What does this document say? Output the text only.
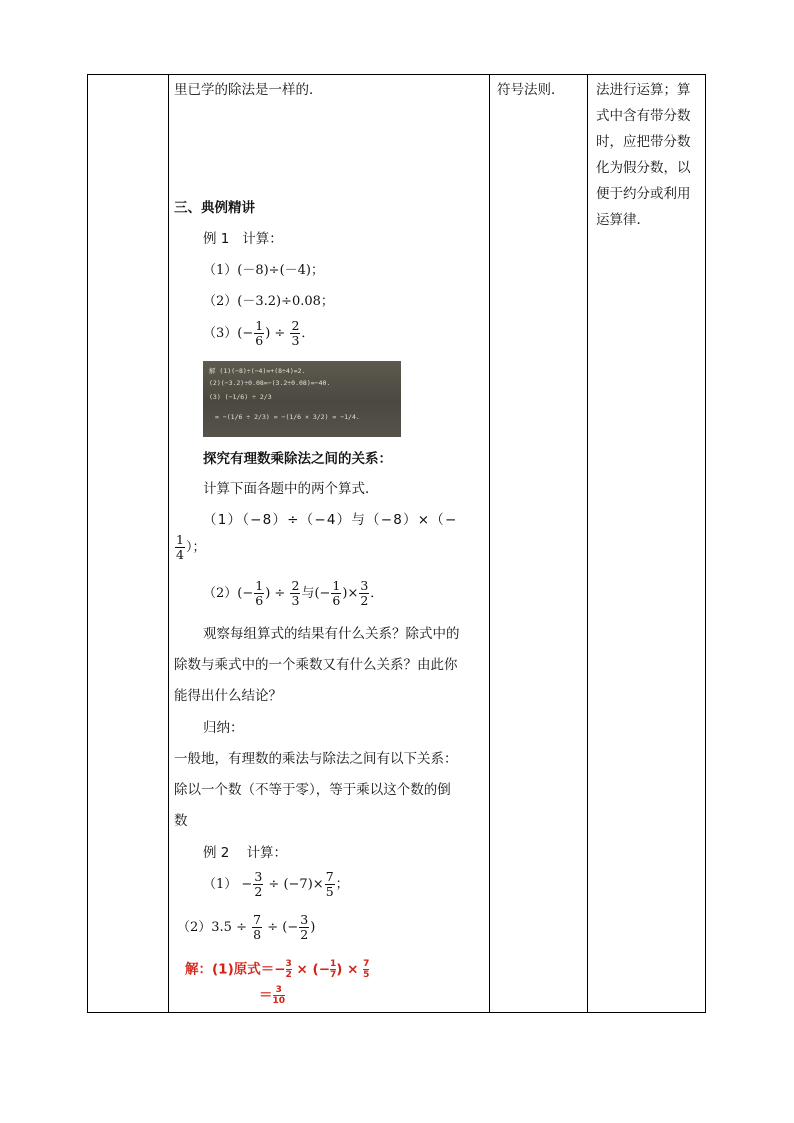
里已学的除法是一样的．
三、典例精讲
例 1 计算：
（1）(－8)÷(－4)；
（2）(－3.2)÷0.08；
$(3)(- \frac{1}{6}$ ) ÷ $\frac{2}{3}$ ．
解 (1)(−8)÷(−4)=+(8÷4)=2.
(2)(−3.2)÷0.08=−(3.2÷0.08)=−40.
(3) (−1/6) ÷ 2/3
= −(1/6 ÷ 2/3) = −(1/6 × 3/2) = −1/4.
探究有理数乘除法之间的关系：
计算下面各题中的两个算式．
（1）（−8）÷（−4）与（−8）×（−
$\frac{1}{4}$ ）；
$(2)(- \frac{1}{6}$ ) ÷ $\frac{2}{3}$ 与(− $\frac{1}{6}$ )× $\frac{3}{2}$ ．
观察每组算式的结果有什么关系？除式中的
除数与乘式中的一个乘数又有什么关系？由此你
能得出什么结论？
归纳：
一般地，有理数的乘法与除法之间有以下关系：
除以一个数（不等于零），等于乘以这个数的倒
数
例 2 计算：
$(1) - \frac{3}{2} \div (-7)\times \frac{7}{5}$ ；
$(2)3.5 \div \frac{7}{8}$ ÷ (− $\frac{3}{2}$ )
解：(1)原式＝− $\frac{3}{2}$ × (− $\frac{1}{7}$ ) × $\frac{7}{5}$
＝ $\frac{3}{10}$

符号法则．	法进行运算；算式中含有带分数时，应把带分数化为假分数，以便于约分或利用运算律．
